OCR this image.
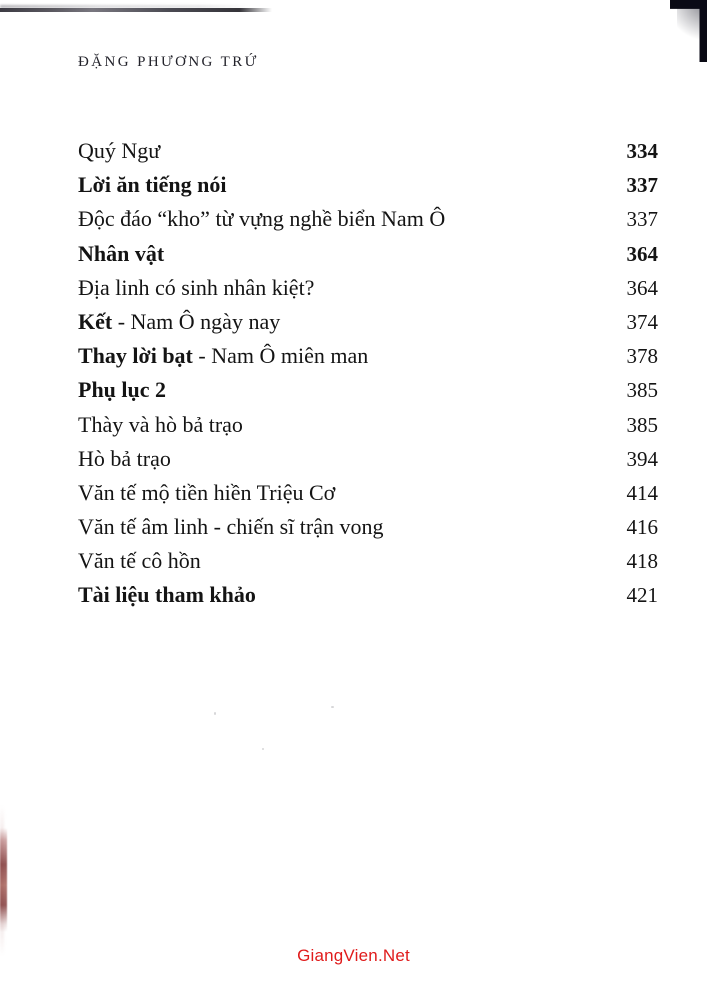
ĐẶNG PHƯƠNG TRỨ
Quý Ngư	334
Lời ăn tiếng nói	337
Độc đáo “kho” từ vựng nghề biển Nam Ô	337
Nhân vật	364
Địa linh có sinh nhân kiệt?	364
Kết - Nam Ô ngày nay	374
Thay lời bạt - Nam Ô miên man	378
Phụ lục 2	385
Thày và hò bả trạo	385
Hò bả trạo	394
Văn tế mộ tiền hiền Triệu Cơ	414
Văn tế âm linh - chiến sĩ trận vong	416
Văn tế cô hồn	418
Tài liệu tham khảo	421
GiangVien.Net
